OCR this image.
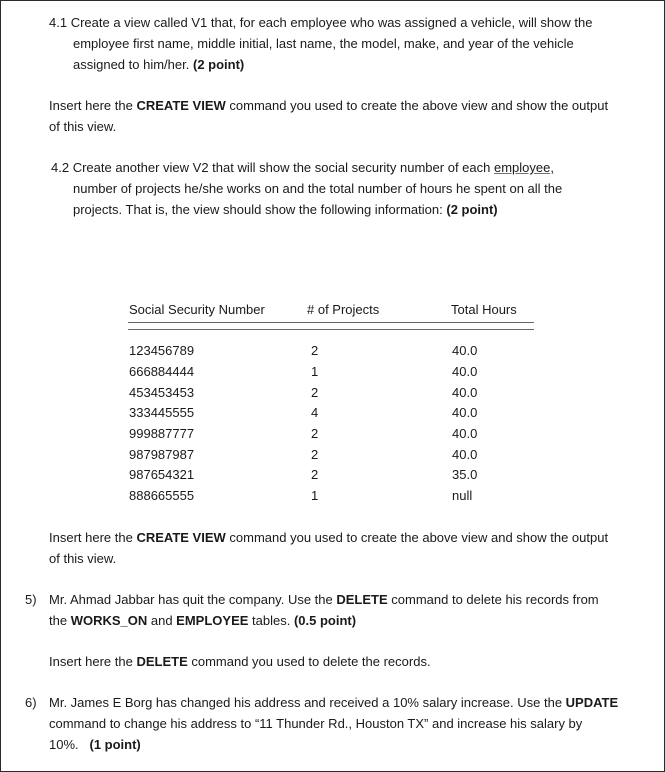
4.1 Create a view called V1 that, for each employee who was assigned a vehicle, will show the
employee first name, middle initial, last name, the model, make, and year of the vehicle
assigned to him/her. (2 point)
Insert here the CREATE VIEW command you used to create the above view and show the output
of this view.
4.2 Create another view V2 that will show the social security number of each employee,
number of projects he/she works on and the total number of hours he spent on all the
projects. That is, the view should show the following information: (2 point)
Social Security Number	# of Projects	Total Hours
123456789	2	40.0
666884444	1	40.0
453453453	2	40.0
333445555	4	40.0
999887777	2	40.0
987987987	2	40.0
987654321	2	35.0
888665555	1	null
Insert here the CREATE VIEW command you used to create the above view and show the output
of this view.
5) Mr. Ahmad Jabbar has quit the company. Use the DELETE command to delete his records from
the WORKS_ON and EMPLOYEE tables. (0.5 point)
Insert here the DELETE command you used to delete the records.
6) Mr. James E Borg has changed his address and received a 10% salary increase. Use the UPDATE
command to change his address to “11 Thunder Rd., Houston TX” and increase his salary by
10%. (1 point)
